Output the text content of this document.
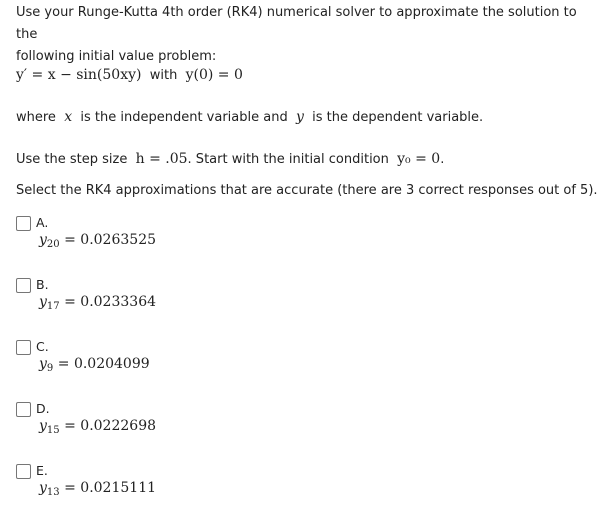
Use your Runge-Kutta 4th order (RK4) numerical solver to approximate the solution to the
following initial value problem:

y′ = x − sin(50xy) with y(0) = 0

where x is the independent variable and y is the dependent variable.

Use the step size h = .05. Start with the initial condition y₀ = 0.

Select the RK4 approximations that are accurate (there are 3 correct responses out of 5).

A.
$y_{20} = 0.0263525$
B.
$y_{17} = 0.0233364$
C.
$y_9 = 0.0204099$
D.
$y_{15} = 0.0222698$
E.
$y_{13} = 0.0215111$
